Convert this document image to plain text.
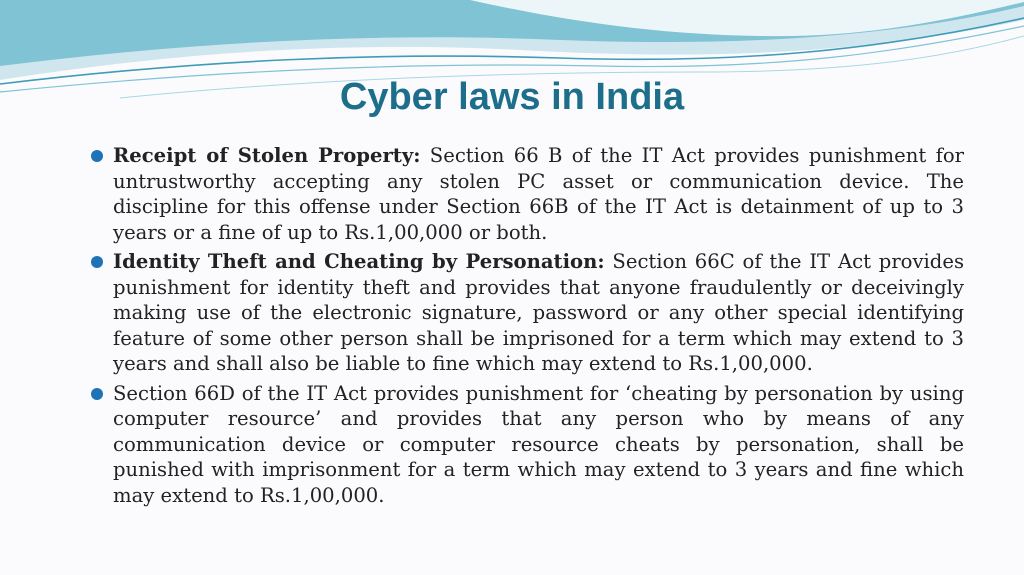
Cyber laws in India
Receipt of Stolen Property: Section 66 B of the IT Act provides punishment for untrustworthy accepting any stolen PC asset or communication device. The discipline for this offense under Section 66B of the IT Act is detainment of up to 3 years or a fine of up to Rs.1,00,000 or both.
Identity Theft and Cheating by Personation: Section 66C of the IT Act provides punishment for identity theft and provides that anyone fraudulently or deceivingly making use of the electronic signature, password or any other special identifying feature of some other person shall be imprisoned for a term which may extend to 3 years and shall also be liable to fine which may extend to Rs.1,00,000.
Section 66D of the IT Act provides punishment for ‘cheating by personation by using computer resource’ and provides that any person who by means of any communication device or computer resource cheats by personation, shall be punished with imprisonment for a term which may extend to 3 years and fine which may extend to Rs.1,00,000.
